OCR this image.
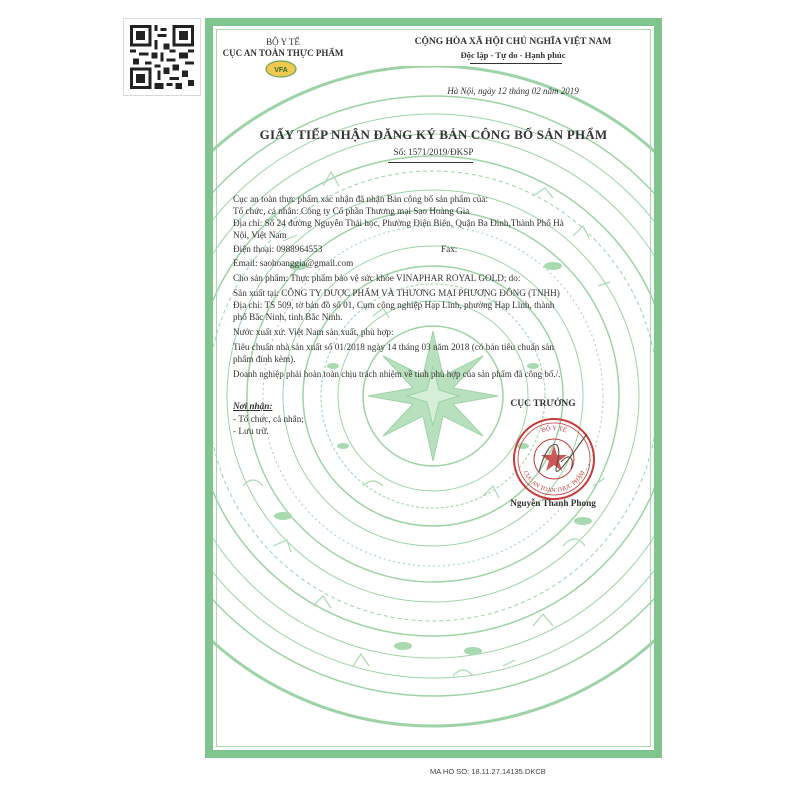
BỘ Y TẾ
CỤC AN TOÀN THỰC PHẨM
VFA
CỘNG HÒA XÃ HỘI CHỦ NGHĨA VIỆT NAM
Độc lập - Tự do - Hạnh phúc
Hà Nội, ngày 12 tháng 02 năm 2019
GIẤY TIẾP NHẬN ĐĂNG KÝ BẢN CÔNG BỐ SẢN PHẨM
Số: 1571/2019/ĐKSP
Cục an toàn thực phẩm xác nhận đã nhận Bản công bố sản phẩm của:
Tổ chức, cá nhân: Công ty Cổ phần Thương mại Sao Hoàng Gia
Địa chỉ: Số 24 đường Nguyễn Thái học, Phường Điện Biên, Quận Ba Đình,Thành Phố Hà
Nội, Việt Nam
Điện thoại: 0988964553	Fax:
Email: saohoanggia@gmail.com
Cho sản phẩm: Thực phẩm bảo vệ sức khỏe VINAPHAR ROYAL GOLD; do:
Sản xuất tại: CÔNG TY DƯỢC PHẨM VÀ THƯƠNG MẠI PHƯƠNG ĐÔNG (TNHH)
Địa chỉ: TS 509, tờ bản đồ số 01, Cụm công nghiệp Hạp Lĩnh, phường Hạp Lĩnh, thành
phố Bắc Ninh, tỉnh Bắc Ninh.
Nước xuất xứ: Việt Nam sản xuất, phù hợp:
Tiêu chuẩn nhà sản xuất số 01/2018 ngày 14 tháng 03 năm 2018 (có bản tiêu chuẩn sản
phẩm đính kèm).
Doanh nghiệp phải hoàn toàn chịu trách nhiệm về tính phù hợp của sản phẩm đã công bố./.
Nơi nhận:
- Tổ chức, cá nhân;
- Lưu trữ.
CỤC TRƯỞNG
BỘ Y TẾ
CỤC AN TOÀN THỰC PHẨM
Nguyễn Thanh Phong
MA HO SO: 18.11.27.14135.DKCB
